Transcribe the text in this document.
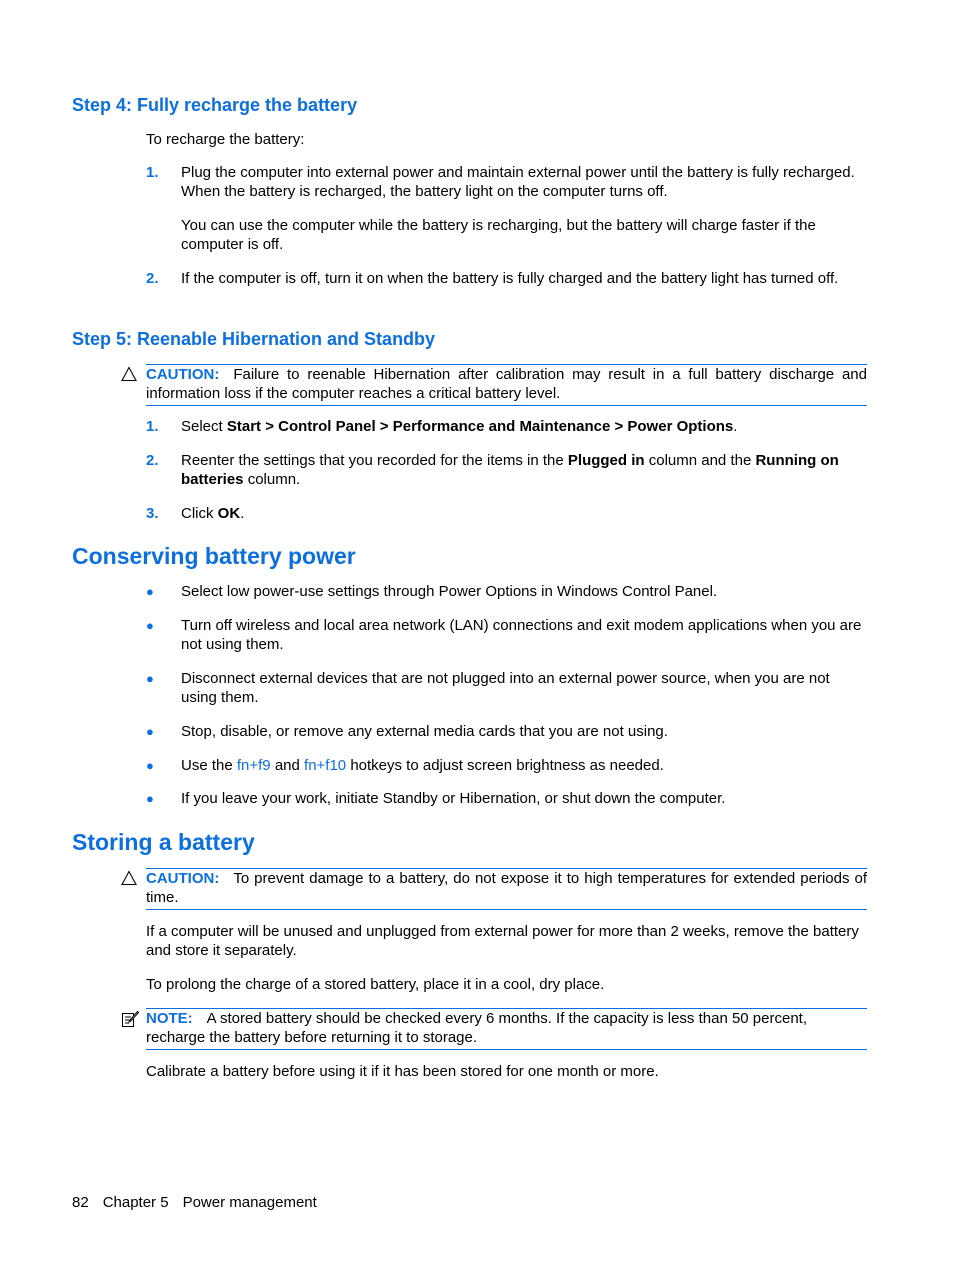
Step 4: Fully recharge the battery

To recharge the battery:

1. Plug the computer into external power and maintain external power until the battery is fully recharged. When the battery is recharged, the battery light on the computer turns off.
You can use the computer while the battery is recharging, but the battery will charge faster if the computer is off.
2. If the computer is off, turn it on when the battery is fully charged and the battery light has turned off.
Step 5: Reenable Hibernation and Standby
CAUTION: Failure to reenable Hibernation after calibration may result in a full battery discharge and information loss if the computer reaches a critical battery level.
1. Select Start > Control Panel > Performance and Maintenance > Power Options.
2. Reenter the settings that you recorded for the items in the Plugged in column and the Running on batteries column.
3. Click OK.
Conserving battery power
● Select low power-use settings through Power Options in Windows Control Panel.
● Turn off wireless and local area network (LAN) connections and exit modem applications when you are not using them.
● Disconnect external devices that are not plugged into an external power source, when you are not using them.
● Stop, disable, or remove any external media cards that you are not using.
● Use the fn+f9 and fn+f10 hotkeys to adjust screen brightness as needed.
● If you leave your work, initiate Standby or Hibernation, or shut down the computer.
Storing a battery
CAUTION: To prevent damage to a battery, do not expose it to high temperatures for extended periods of time.

If a computer will be unused and unplugged from external power for more than 2 weeks, remove the battery and store it separately.

To prolong the charge of a stored battery, place it in a cool, dry place.

NOTE: A stored battery should be checked every 6 months. If the capacity is less than 50 percent, recharge the battery before returning it to storage.

Calibrate a battery before using it if it has been stored for one month or more.

82 Chapter 5 Power management
